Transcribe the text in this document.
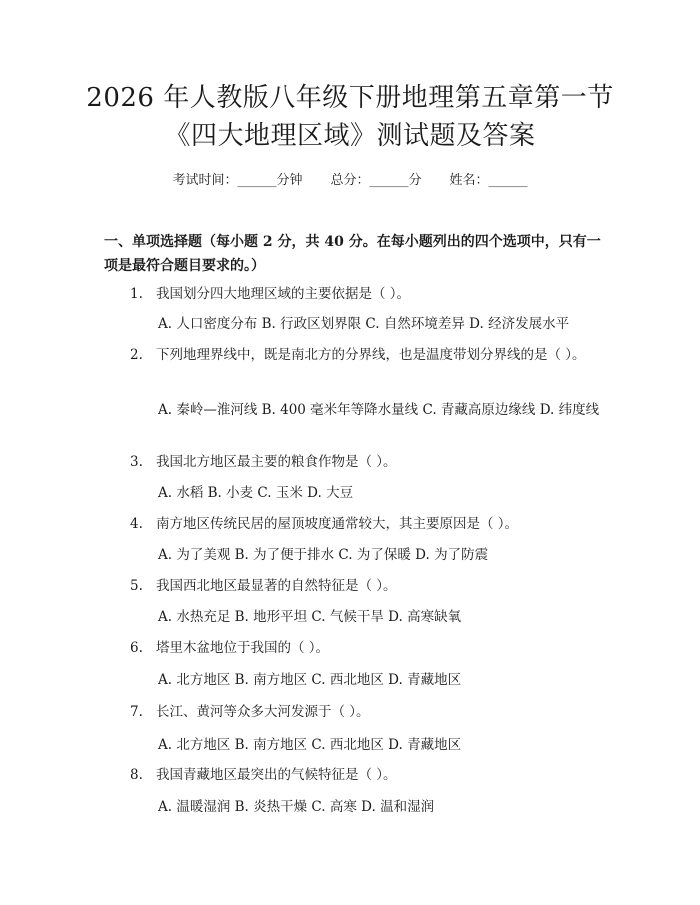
2026 年人教版八年级下册地理第五章第一节
《四大地理区域》测试题及答案
考试时间：______分钟 总分：______分 姓名：______
一、单项选择题（每小题 2 分，共 40 分。在每小题列出的四个选项中，只有一项是最符合题目要求的。）
1. 我国划分四大地理区域的主要依据是（ ）。
A. 人口密度分布 B. 行政区划界限 C. 自然环境差异 D. 经济发展水平
2. 下列地理界线中，既是南北方的分界线，也是温度带划分界线的是（ ）。
A. 秦岭—淮河线 B. 400 毫米年等降水量线 C. 青藏高原边缘线 D. 纬度线
3. 我国北方地区最主要的粮食作物是（ ）。
A. 水稻 B. 小麦 C. 玉米 D. 大豆
4. 南方地区传统民居的屋顶坡度通常较大，其主要原因是（ ）。
A. 为了美观 B. 为了便于排水 C. 为了保暖 D. 为了防震
5. 我国西北地区最显著的自然特征是（ ）。
A. 水热充足 B. 地形平坦 C. 气候干旱 D. 高寒缺氧
6. 塔里木盆地位于我国的（ ）。
A. 北方地区 B. 南方地区 C. 西北地区 D. 青藏地区
7. 长江、黄河等众多大河发源于（ ）。
A. 北方地区 B. 南方地区 C. 西北地区 D. 青藏地区
8. 我国青藏地区最突出的气候特征是（ ）。
A. 温暖湿润 B. 炎热干燥 C. 高寒 D. 温和湿润
